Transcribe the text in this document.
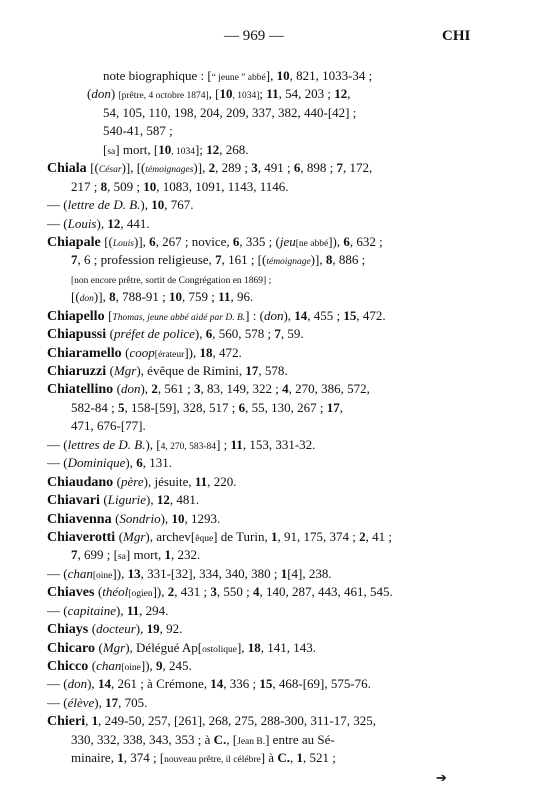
— 969 —	CHI
note biographique : [“ jeune ” abbé], 10, 821, 1033-34 ;
(don) [prêtre, 4 octobre 1874], [10, 1034]; 11, 54, 203 ; 12,
54, 105, 110, 198, 204, 209, 337, 382, 440-[42] ;
540-41, 587 ;
[sa] mort, [10, 1034]; 12, 268.
Chiala [(César)], [(témoignages)], 2, 289 ; 3, 491 ; 6, 898 ; 7, 172,
217 ; 8, 509 ; 10, 1083, 1091, 1143, 1146.
— (lettre de D. B.), 10, 767.
— (Louis), 12, 441.
Chiapale [(Louis)], 6, 267 ; novice, 6, 335 ; (jeu[ne abbé]), 6, 632 ;
7, 6 ; profession religieuse, 7, 161 ; [(témoignage)], 8, 886 ;
[non encore prêtre, sortit de Congrégation en 1869] ;
[(don)], 8, 788-91 ; 10, 759 ; 11, 96.
Chiapello [Thomas, jeune abbé aidé par D. B.] : (don), 14, 455 ; 15, 472.
Chiapussi (préfet de police), 6, 560, 578 ; 7, 59.
Chiaramello (coop[érateur]), 18, 472.
Chiaruzzi (Mgr), évêque de Rimini, 17, 578.
Chiatellino (don), 2, 561 ; 3, 83, 149, 322 ; 4, 270, 386, 572,
582-84 ; 5, 158-[59], 328, 517 ; 6, 55, 130, 267 ; 17,
471, 676-[77].
— (lettres de D. B.), [4, 270, 583-84] ; 11, 153, 331-32.
— (Dominique), 6, 131.
Chiaudano (père), jésuite, 11, 220.
Chiavari (Ligurie), 12, 481.
Chiavenna (Sondrio), 10, 1293.
Chiaverotti (Mgr), archev[êque] de Turin, 1, 91, 175, 374 ; 2, 41 ;
7, 699 ; [sa] mort, 1, 232.
— (chan[oine]), 13, 331-[32], 334, 340, 380 ; 1[4], 238.
Chiaves (théol[ogien]), 2, 431 ; 3, 550 ; 4, 140, 287, 443, 461, 545.
— (capitaine), 11, 294.
Chiays (docteur), 19, 92.
Chicaro (Mgr), Délégué Ap[ostolique], 18, 141, 143.
Chicco (chan[oine]), 9, 245.
— (don), 14, 261 ; à Crémone, 14, 336 ; 15, 468-[69], 575-76.
— (élève), 17, 705.
Chieri, 1, 249-50, 257, [261], 268, 275, 288-300, 311-17, 325,
330, 332, 338, 343, 353 ; à C., [Jean B.] entre au Sé-
minaire, 1, 374 ; [nouveau prêtre, il célébre] à C., 1, 521 ;
➔
